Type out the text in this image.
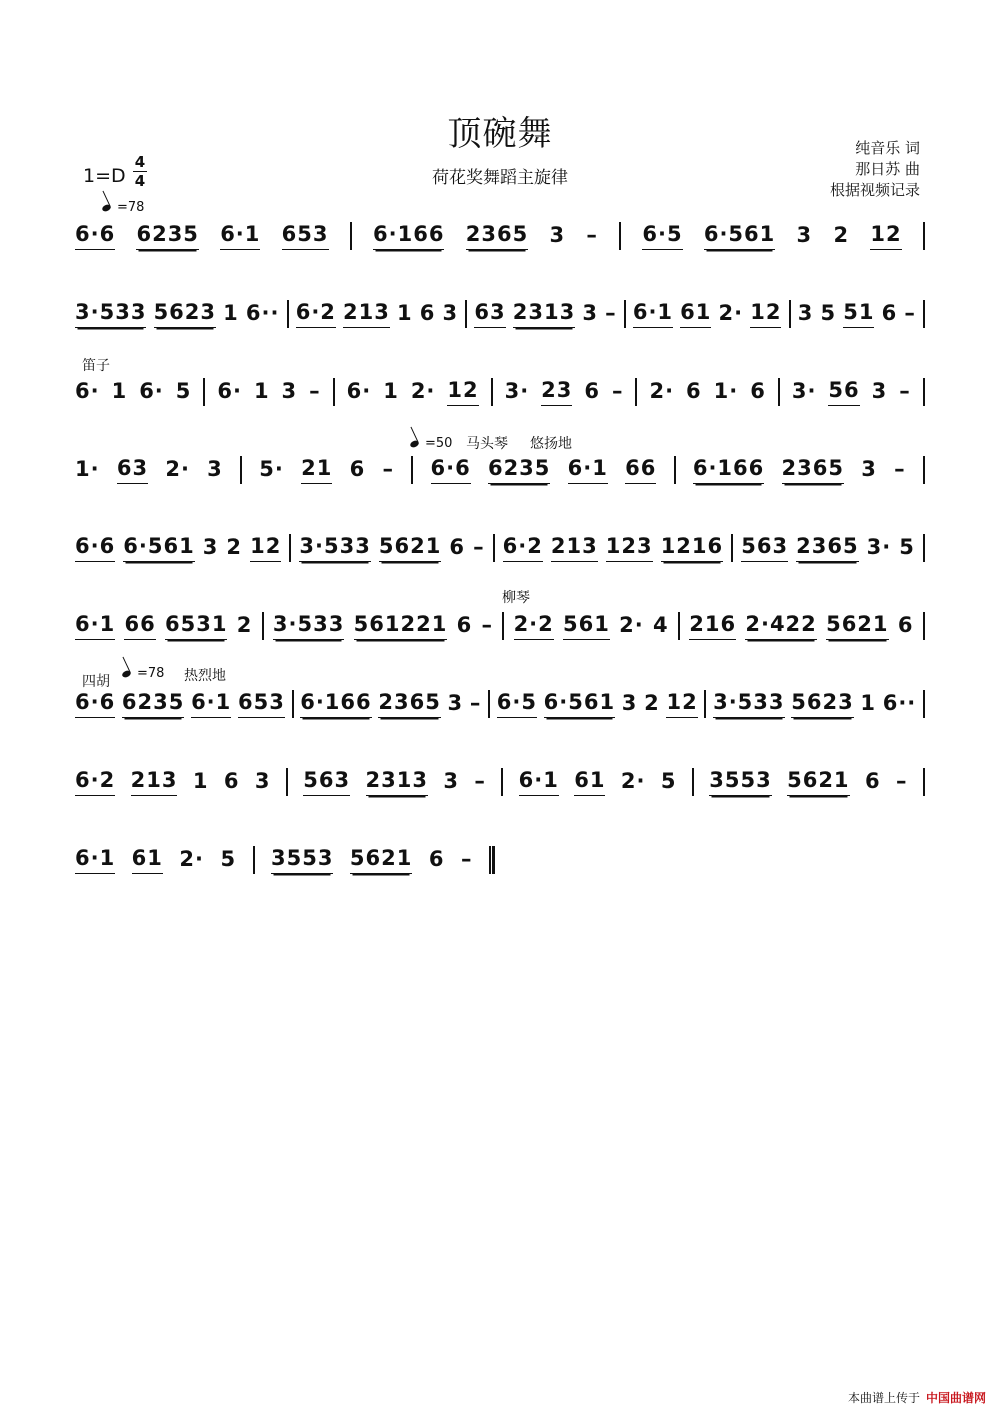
顶碗舞
荷花奖舞蹈主旋律
纯音乐 词
那日苏 曲
根据视频记录
$1=D \frac{4}{4}$
=78
笛子
=50 马头琴 悠扬地
柳琴
四胡
=78 热烈地
6·6 6235 6·1 653 6·166 2365 3 – 6·5 6·561 3 2 12
3·533 5623 1 6·· 6·2 213 1 6 3 63 2313 3 – 6·1 61 2· 12 3 5 51 6 –
6· 1 6· 5 6· 1 3 – 6· 1 2· 12 3· 23 6 – 2· 6 1· 6 3· 56 3 –
1· 63 2· 3 5· 21 6 – 6·6 6235 6·1 66 6·166 2365 3 –
6·6 6·561 3 2 12 3·533 5621 6 – 6·2 213 123 1216 563 2365 3· 5
6·1 66 6531 2 3·533 561221 6 – 2·2 561 2· 4 216 2·422 5621 6
6·6 6235 6·1 653 6·166 2365 3 – 6·5 6·561 3 2 12 3·533 5623 1 6··
6·2 213 1 6 3 563 2313 3 – 6·1 61 2· 5 3553 5621 6 –
6·1 61 2· 5 3553 5621 6 –
本曲谱上传于 中国曲谱网
